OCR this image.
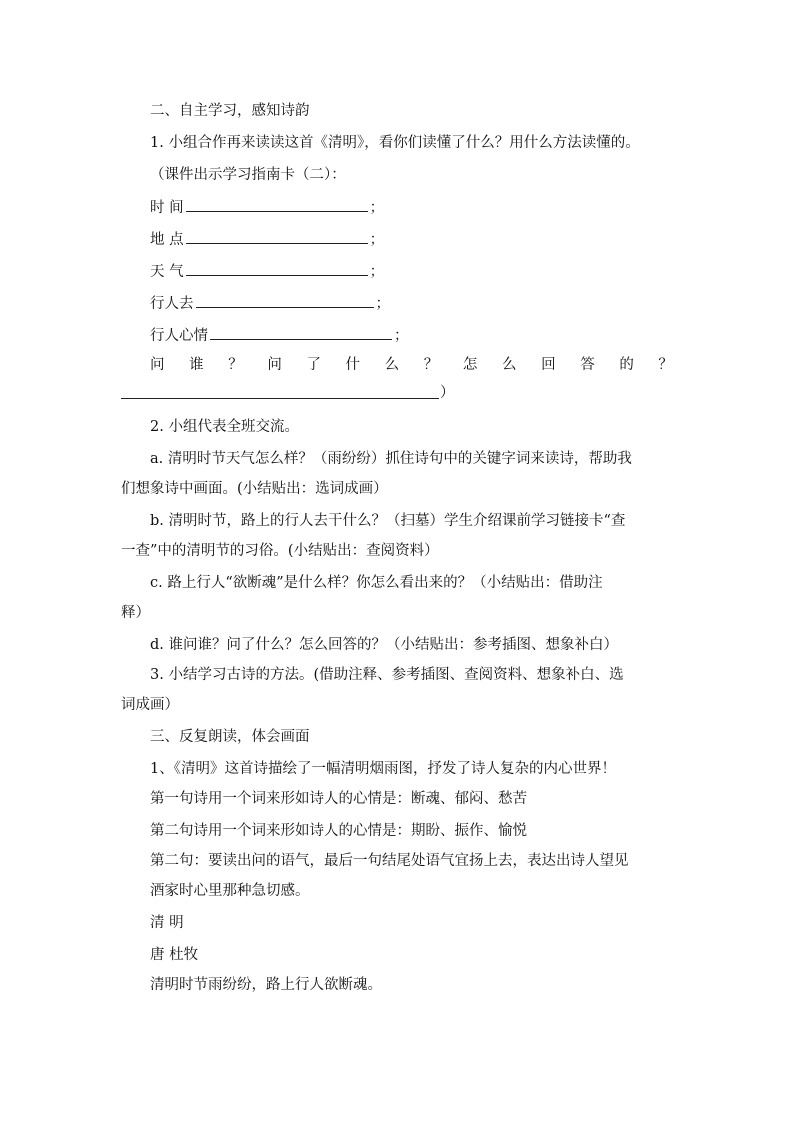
二、自主学习，感知诗韵
1. 小组合作再来读读这首《清明》，看你们读懂了什么？用什么方法读懂的。
（课件出示学习指南卡（二）：
时 间	；
地 点	；
天 气	；
行人去	；
行人心情	；
问 谁 ？ 问 了 什 么 ？ 怎 么 回 答 的 ？
）
2. 小组代表全班交流。
a. 清明时节天气怎么样？（雨纷纷）抓住诗句中的关键字词来读诗，帮助我
们想象诗中画面。(小结贴出：选词成画）
b. 清明时节，路上的行人去干什么？（扫墓）学生介绍课前学习链接卡“查
一查”中的清明节的习俗。(小结贴出：查阅资料）
c. 路上行人“欲断魂”是什么样？你怎么看出来的？（小结贴出：借助注
释）
d. 谁问谁？问了什么？怎么回答的？（小结贴出：参考插图、想象补白）
3. 小结学习古诗的方法。(借助注释、参考插图、查阅资料、想象补白、选
词成画）
三、反复朗读，体会画面
1、《清明》这首诗描绘了一幅清明烟雨图，抒发了诗人复杂的内心世界！
第一句诗用一个词来形如诗人的心情是：断魂、郁闷、愁苦
第二句诗用一个词来形如诗人的心情是：期盼、振作、愉悦
第二句：要读出问的语气，最后一句结尾处语气宜扬上去，表达出诗人望见
酒家时心里那种急切感。
清 明
唐 杜牧
清明时节雨纷纷，路上行人欲断魂。
